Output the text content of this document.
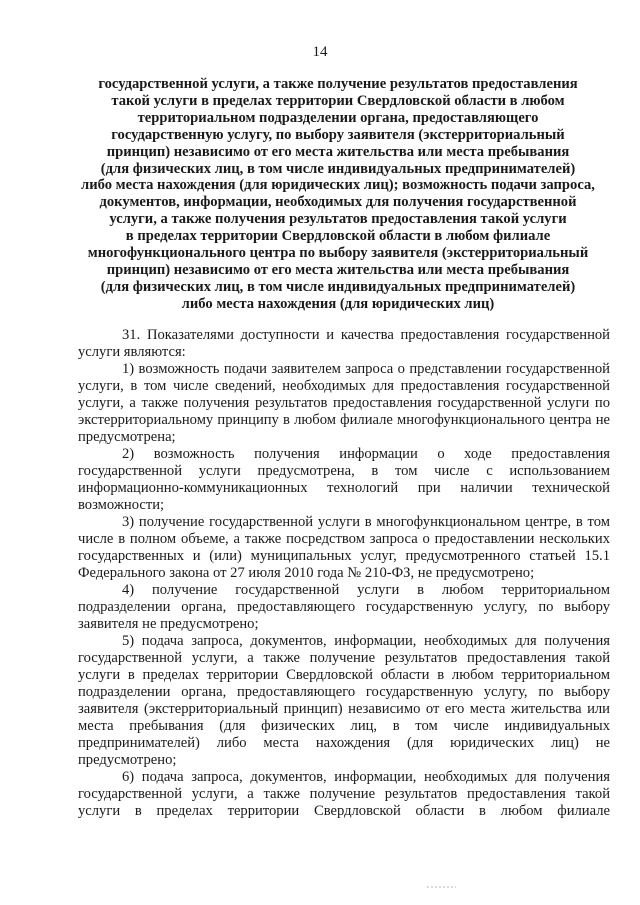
14
государственной услуги, а также получение результатов предоставления
такой услуги в пределах территории Свердловской области в любом
территориальном подразделении органа, предоставляющего
государственную услугу, по выбору заявителя (экстерриториальный
принцип) независимо от его места жительства или места пребывания
(для физических лиц, в том числе индивидуальных предпринимателей)
либо места нахождения (для юридических лиц); возможность подачи запроса,
документов, информации, необходимых для получения государственной
услуги, а также получения результатов предоставления такой услуги
в пределах территории Свердловской области в любом филиале
многофункционального центра по выбору заявителя (экстерриториальный
принцип) независимо от его места жительства или места пребывания
(для физических лиц, в том числе индивидуальных предпринимателей)
либо места нахождения (для юридических лиц)

31. Показателями доступности и качества предоставления государственной услуги являются:

1) возможность подачи заявителем запроса о представлении государственной услуги, в том числе сведений, необходимых для предоставления государственной услуги, а также получения результатов предоставления государственной услуги по экстерриториальному принципу в любом филиале многофункционального центра не предусмотрена;

2) возможность получения информации о ходе предоставления государственной услуги предусмотрена, в том числе с использованием информационно-коммуникационных технологий при наличии технической возможности;

3) получение государственной услуги в многофункциональном центре, в том числе в полном объеме, а также посредством запроса о предоставлении нескольких государственных и (или) муниципальных услуг, предусмотренного статьей 15.1 Федерального закона от 27 июля 2010 года № 210-ФЗ, не предусмотрено;

4) получение государственной услуги в любом территориальном подразделении органа, предоставляющего государственную услугу, по выбору заявителя не предусмотрено;

5) подача запроса, документов, информации, необходимых для получения государственной услуги, а также получение результатов предоставления такой услуги в пределах территории Свердловской области в любом территориальном подразделении органа, предоставляющего государственную услугу, по выбору заявителя (экстерриториальный принцип) независимо от его места жительства или места пребывания (для физических лиц, в том числе индивидуальных предпринимателей) либо места нахождения (для юридических лиц) не предусмотрено;

6) подача запроса, документов, информации, необходимых для получения государственной услуги, а также получение результатов предоставления такой услуги в пределах территории Свердловской области в любом филиале
